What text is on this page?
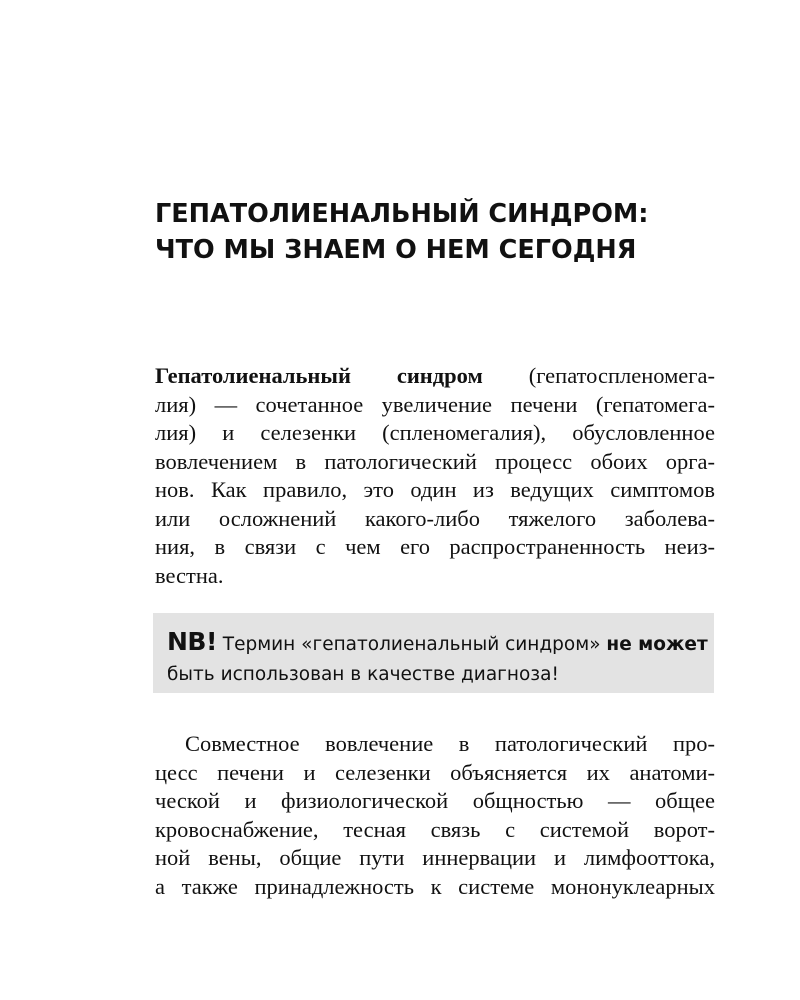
ГЕПАТОЛИЕНАЛЬНЫЙ СИНДРОМ:
ЧТО МЫ ЗНАЕМ О НЕМ СЕГОДНЯ

Гепатолиенальный синдром (гепатоспленомега-
лия) — сочетанное увеличение печени (гепатомега-
лия) и селезенки (спленомегалия), обусловленное
вовлечением в патологический процесс обоих орга-
нов. Как правило, это один из ведущих симптомов
или осложнений какого-либо тяжелого заболева-
ния, в связи с чем его распространенность неиз-
вестна.

NB! Термин «гепатолиенальный синдром» не может
быть использован в качестве диагноза!

Совместное вовлечение в патологический про-
цесс печени и селезенки объясняется их анатоми-
ческой и физиологической общностью — общее
кровоснабжение, тесная связь с системой ворот-
ной вены, общие пути иннервации и лимфооттока,
а также принадлежность к системе мононуклеарных
